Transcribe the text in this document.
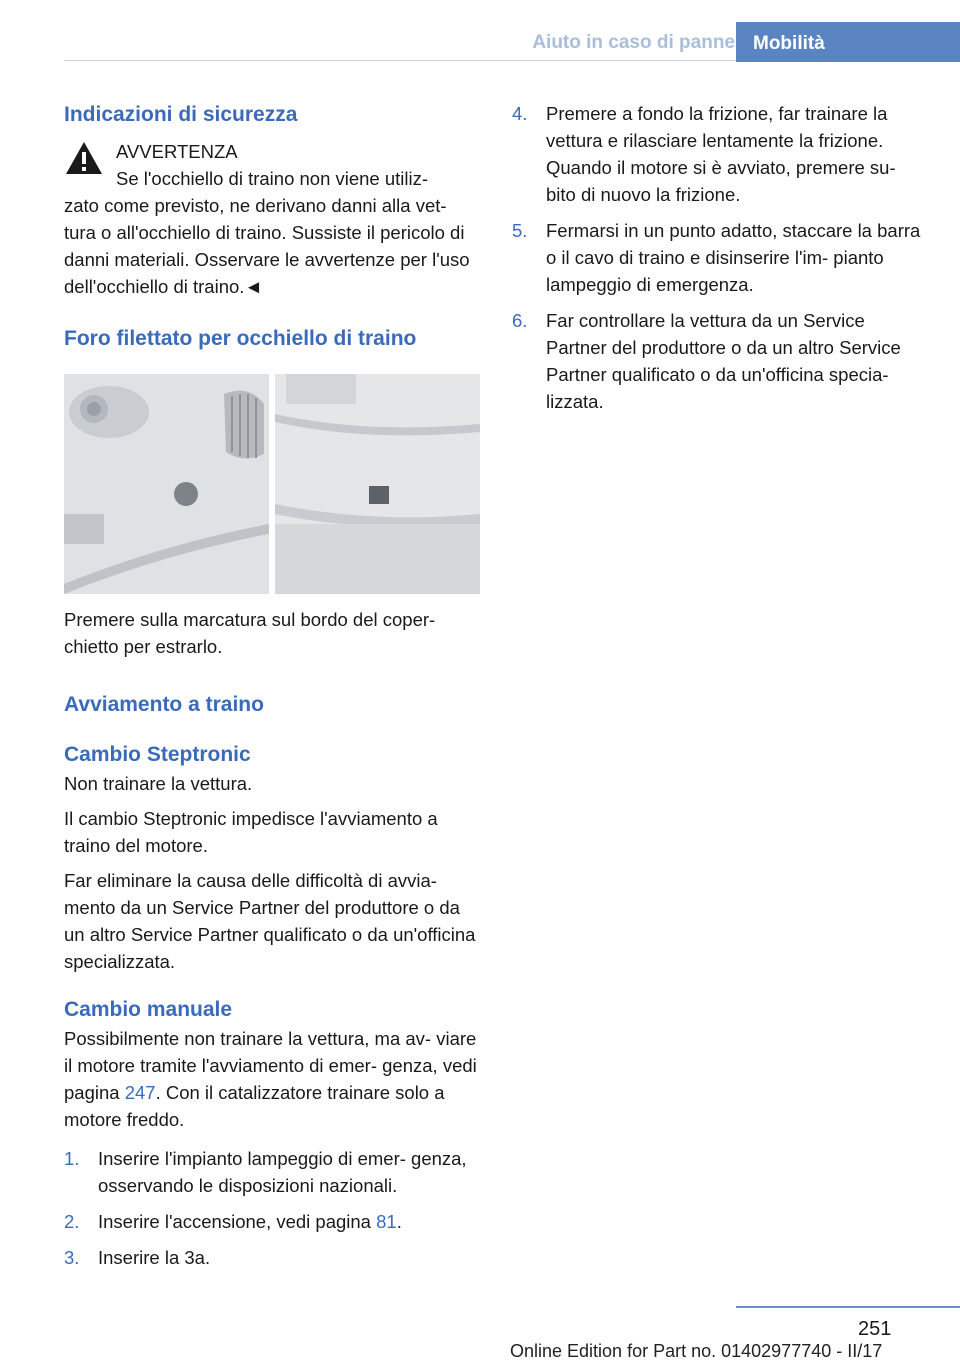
Aiuto in caso di panne Mobilità
Indicazioni di sicurezza

AVVERTENZA

Se l'occhiello di traino non viene utiliz-

zato come previsto, ne derivano danni alla vet- tura o all'occhiello di traino. Sussiste il pericolo di danni materiali. Osservare le avvertenze per l'uso dell'occhiello di traino.◄

Foro filettato per occhiello di traino

Premere sulla marcatura sul bordo del coper- chietto per estrarlo.

Avviamento a traino
Cambio Steptronic

Non trainare la vettura.

Il cambio Steptronic impedisce l'avviamento a traino del motore.

Far eliminare la causa delle difficoltà di avvia- mento da un Service Partner del produttore o da un altro Service Partner qualificato o da un'officina specializzata.

Cambio manuale

Possibilmente non trainare la vettura, ma av- viare il motore tramite l'avviamento di emer- genza, vedi pagina 247. Con il catalizzatore trainare solo a motore freddo.

1. Inserire l'impianto lampeggio di emer- genza, osservando le disposizioni nazionali.
2. Inserire l'accensione, vedi pagina 81.
3. Inserire la 3a.
4. Premere a fondo la frizione, far trainare la vettura e rilasciare lentamente la frizione. Quando il motore si è avviato, premere su- bito di nuovo la frizione.
5. Fermarsi in un punto adatto, staccare la barra o il cavo di traino e disinserire l'im- pianto lampeggio di emergenza.
6. Far controllare la vettura da un Service Partner del produttore o da un altro Service Partner qualificato o da un'officina specia- lizzata.
251
Online Edition for Part no. 01402977740 - II/17
